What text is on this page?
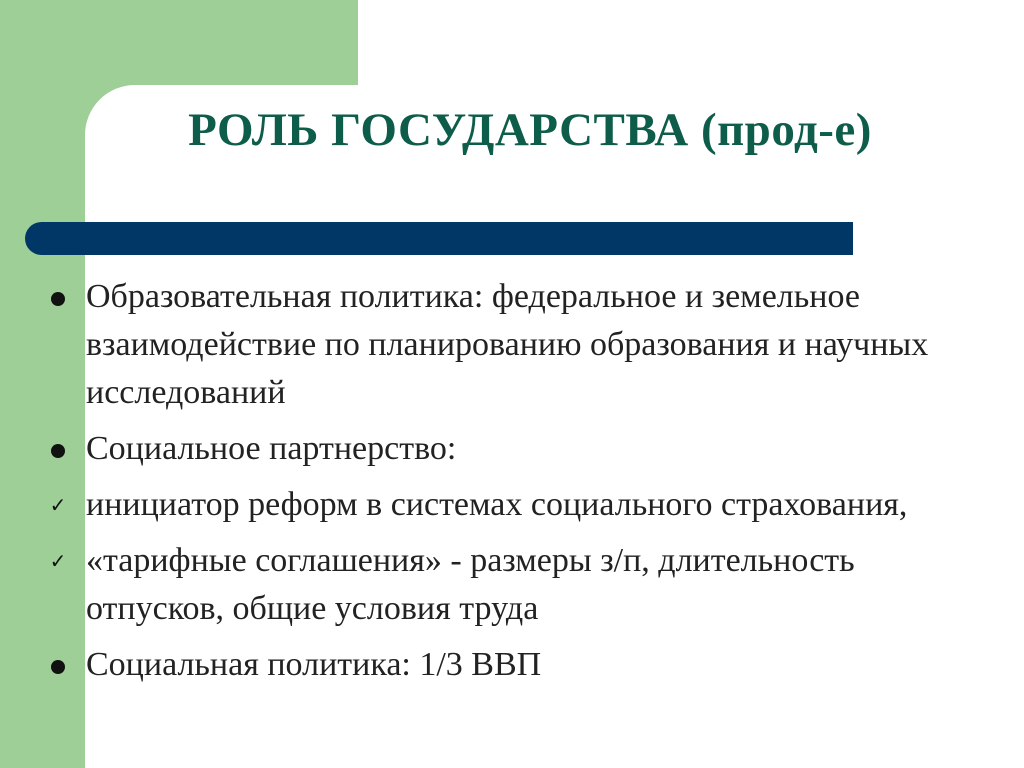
РОЛЬ ГОСУДАРСТВА (прод-е)
Образовательная политика: федеральное и земельное взаимодействие по планированию образования и научных исследований
Социальное партнерство:
✓ инициатор реформ в системах социального страхования,
✓ «тарифные соглашения» - размеры з/п, длительность отпусков, общие условия труда
Социальная политика: 1/3 ВВП
